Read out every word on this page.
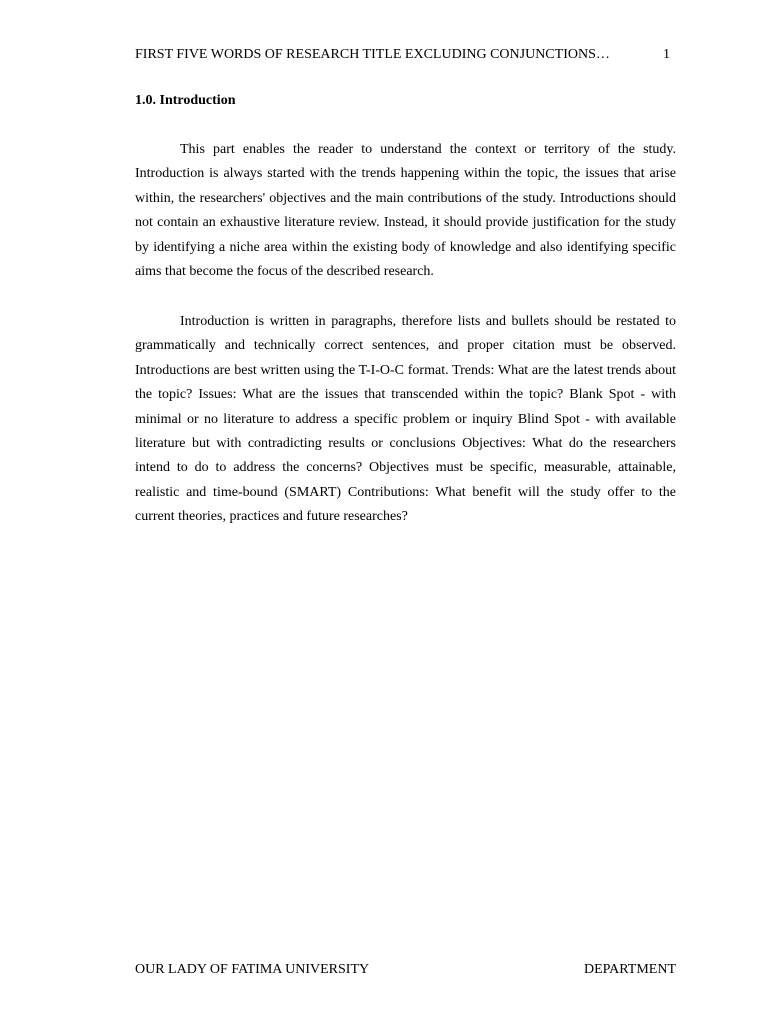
FIRST FIVE WORDS OF RESEARCH TITLE EXCLUDING CONJUNCTIONS…	1
1.0. Introduction

This part enables the reader to understand the context or territory of the study. Introduction is always started with the trends happening within the topic, the issues that arise within, the researchers' objectives and the main contributions of the study. Introductions should not contain an exhaustive literature review. Instead, it should provide justification for the study by identifying a niche area within the existing body of knowledge and also identifying specific aims that become the focus of the described research.

Introduction is written in paragraphs, therefore lists and bullets should be restated to grammatically and technically correct sentences, and proper citation must be observed. Introductions are best written using the T-I-O-C format. Trends: What are the latest trends about the topic? Issues: What are the issues that transcended within the topic? Blank Spot - with minimal or no literature to address a specific problem or inquiry Blind Spot - with available literature but with contradicting results or conclusions Objectives: What do the researchers intend to do to address the concerns? Objectives must be specific, measurable, attainable, realistic and time-bound (SMART) Contributions: What benefit will the study offer to the current theories, practices and future researches?

OUR LADY OF FATIMA UNIVERSITY	DEPARTMENT
